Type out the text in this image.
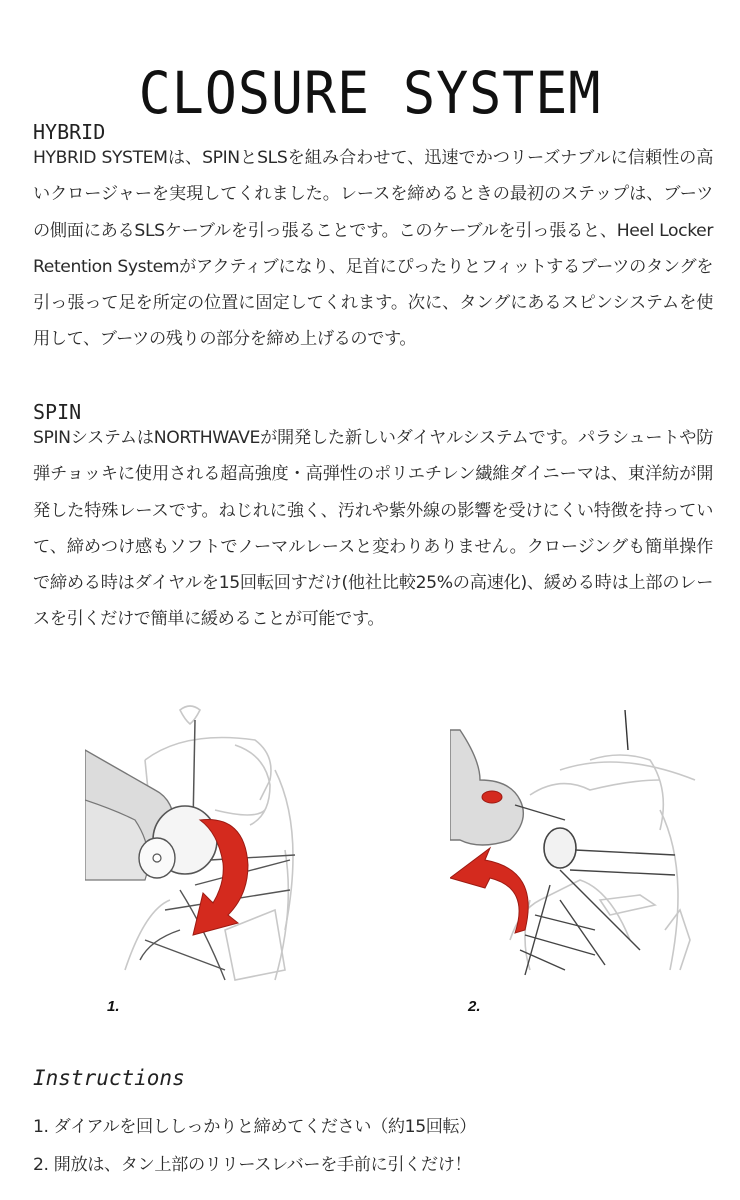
CLOSURE SYSTEM
HYBRID

HYBRID SYSTEMは、SPINとSLSを組み合わせて、迅速でかつリーズナブルに信頼性の高いクロージャーを実現してくれました。レースを締めるときの最初のステップは、ブーツの側面にあるSLSケーブルを引っ張ることです。このケーブルを引っ張ると、Heel Locker Retention Systemがアクティブになり、足首にぴったりとフィットするブーツのタングを引っ張って足を所定の位置に固定してくれます。次に、タングにあるスピンシステムを使用して、ブーツの残りの部分を締め上げるのです。

SPIN

SPINシステムはNORTHWAVEが開発した新しいダイヤルシステムです。パラシュートや防弾チョッキに使用される超高強度・高弾性のポリエチレン繊維ダイニーマは、東洋紡が開発した特殊レースです。ねじれに強く、汚れや紫外線の影響を受けにくい特徴を持っていて、締めつけ感もソフトでノーマルレースと変わりありません。クロージングも簡単操作で締める時はダイヤルを15回転回すだけ(他社比較25%の高速化)、緩める時は上部のレースを引くだけで簡単に緩めることが可能です。

1.	2.
Instructions
1. ダイアルを回ししっかりと締めてください（約15回転）
2. 開放は、タン上部のリリースレバーを手前に引くだけ！
